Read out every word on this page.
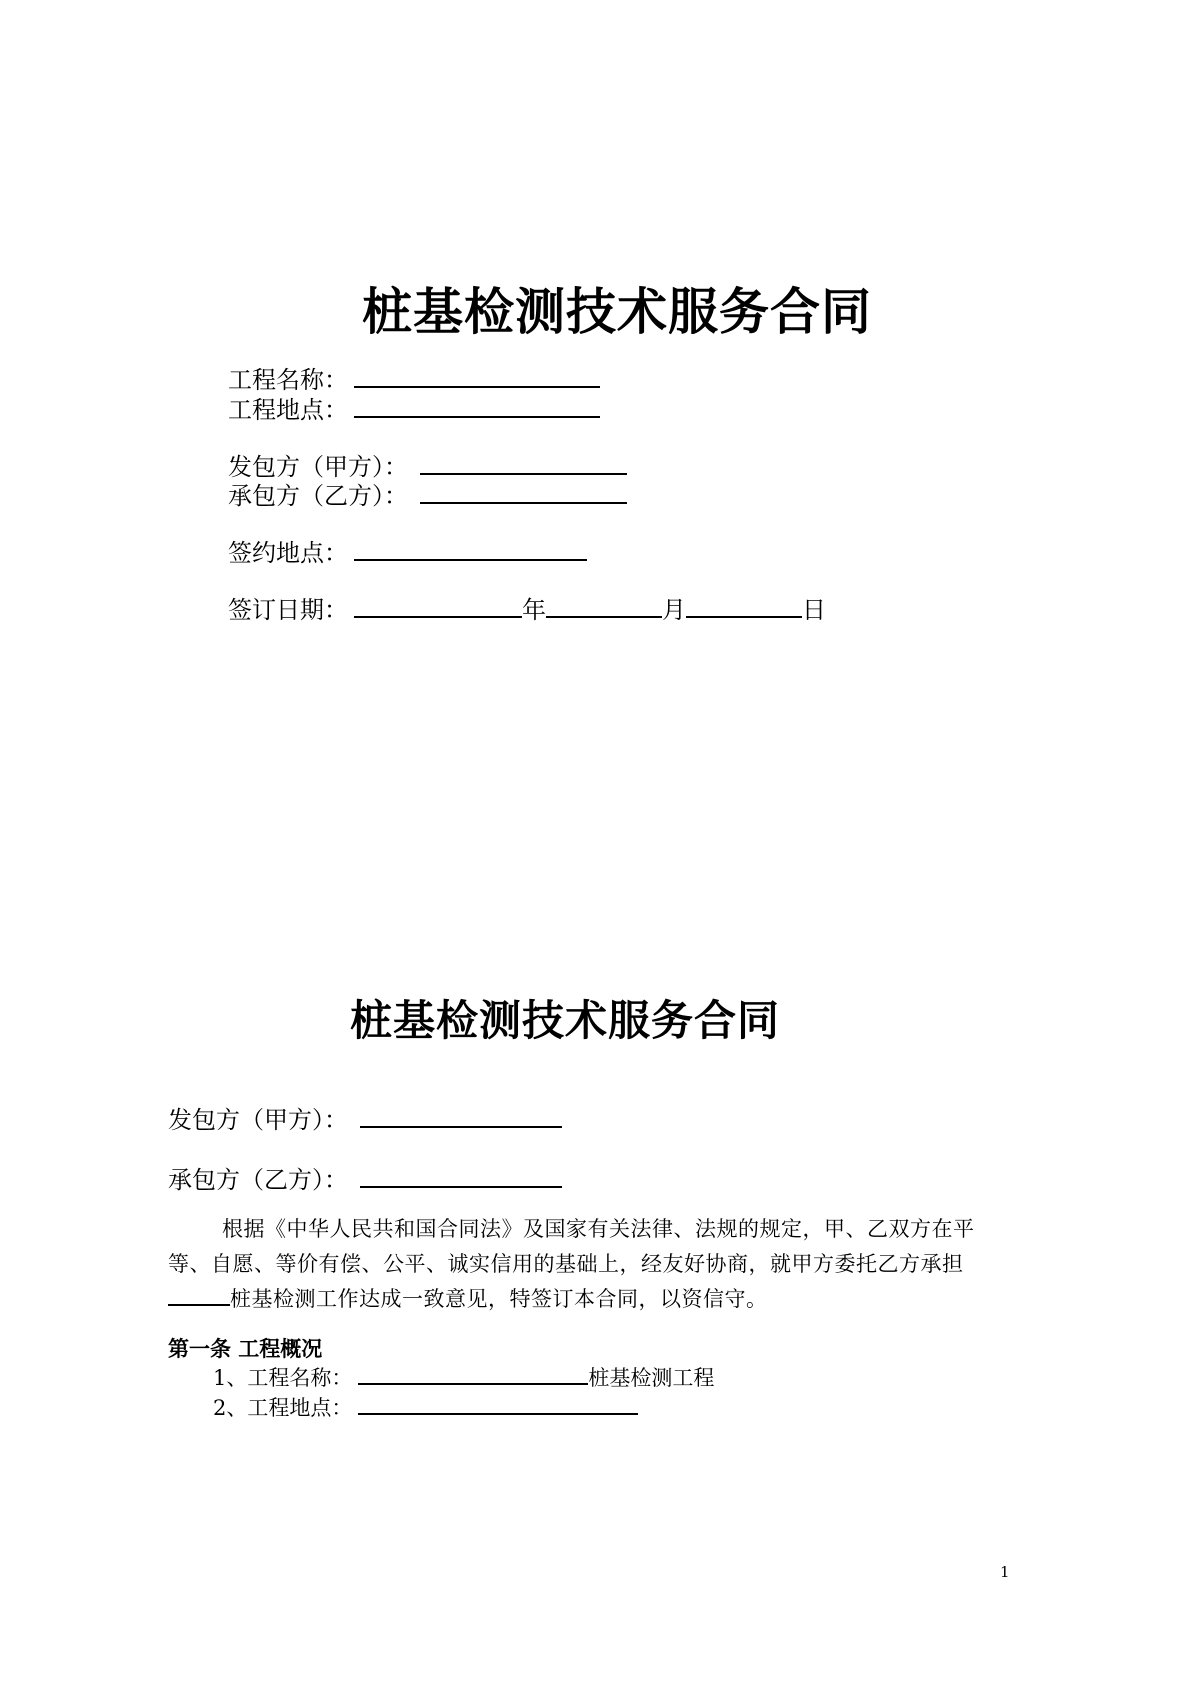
桩基检测技术服务合同
工程名称：
工程地点：
发包方（甲方）：
承包方（乙方）：
签约地点：
签订日期：	年	月	日
桩基检测技术服务合同
发包方（甲方）：
承包方（乙方）：
根据《中华人民共和国合同法》及国家有关法律、法规的规定，甲、乙双方在平等、自愿、等价有偿、公平、诚实信用的基础上，经友好协商，就甲方委托乙方承担桩基检测工作达成一致意见，特签订本合同，以资信守。
第一条 工程概况
1、工程名称：	桩基检测工程
2、工程地点：
1
